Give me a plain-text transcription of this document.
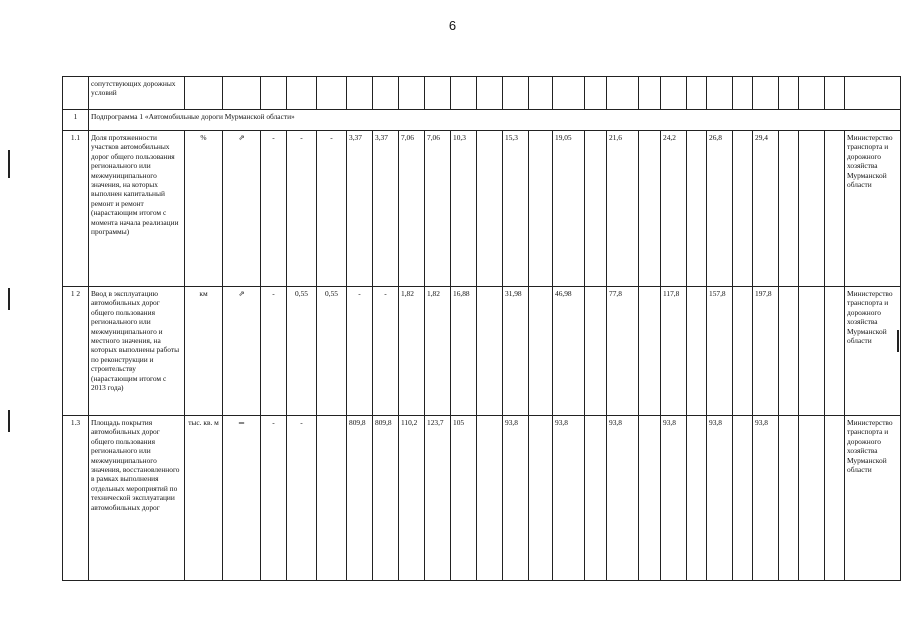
6
	сопутствующих дорожных условий																										
1	Подпрограмма 1 «Автомобильные дороги Мурманской области»																										
1.1	Доля протяженности участков автомобильных дорог общего пользования регионального или межмуниципального значения, на которых выполнен капитальный ремонт и ремонт (нарастающим итогом с момента начала реализации программы)	%	⇗	-	-	-	3,37	3,37	7,06	7,06	10,3		15,3		19,05		21,6		24,2		26,8		29,4				Министерство транспорта и дорожного хозяйства Мурманской области
1 2	Ввод в эксплуатацию автомобильных дорог общего пользования регионального или межмуниципального и местного значения, на которых выполнены работы по реконструкции и строительству (нарастающим итогом с 2013 года)	км	⇗	-	0,55	0,55	-	-	1,82	1,82	16,88		31,98		46,98		77,8		117,8		157,8		197,8				Министерство транспорта и дорожного хозяйства Мурманской области
1.3	Площадь покрытия автомобильных дорог общего пользования регионального или межмуниципального значения, восстановленного в рамках выполнения отдельных мероприятий по технической эксплуатации автомобильных дорог	тыс. кв. м	═	-	-		809,8	809,8	110,2	123,7	105		93,8		93,8		93,8		93,8		93,8		93,8				Министерство транспорта и дорожного хозяйства Мурманской области
